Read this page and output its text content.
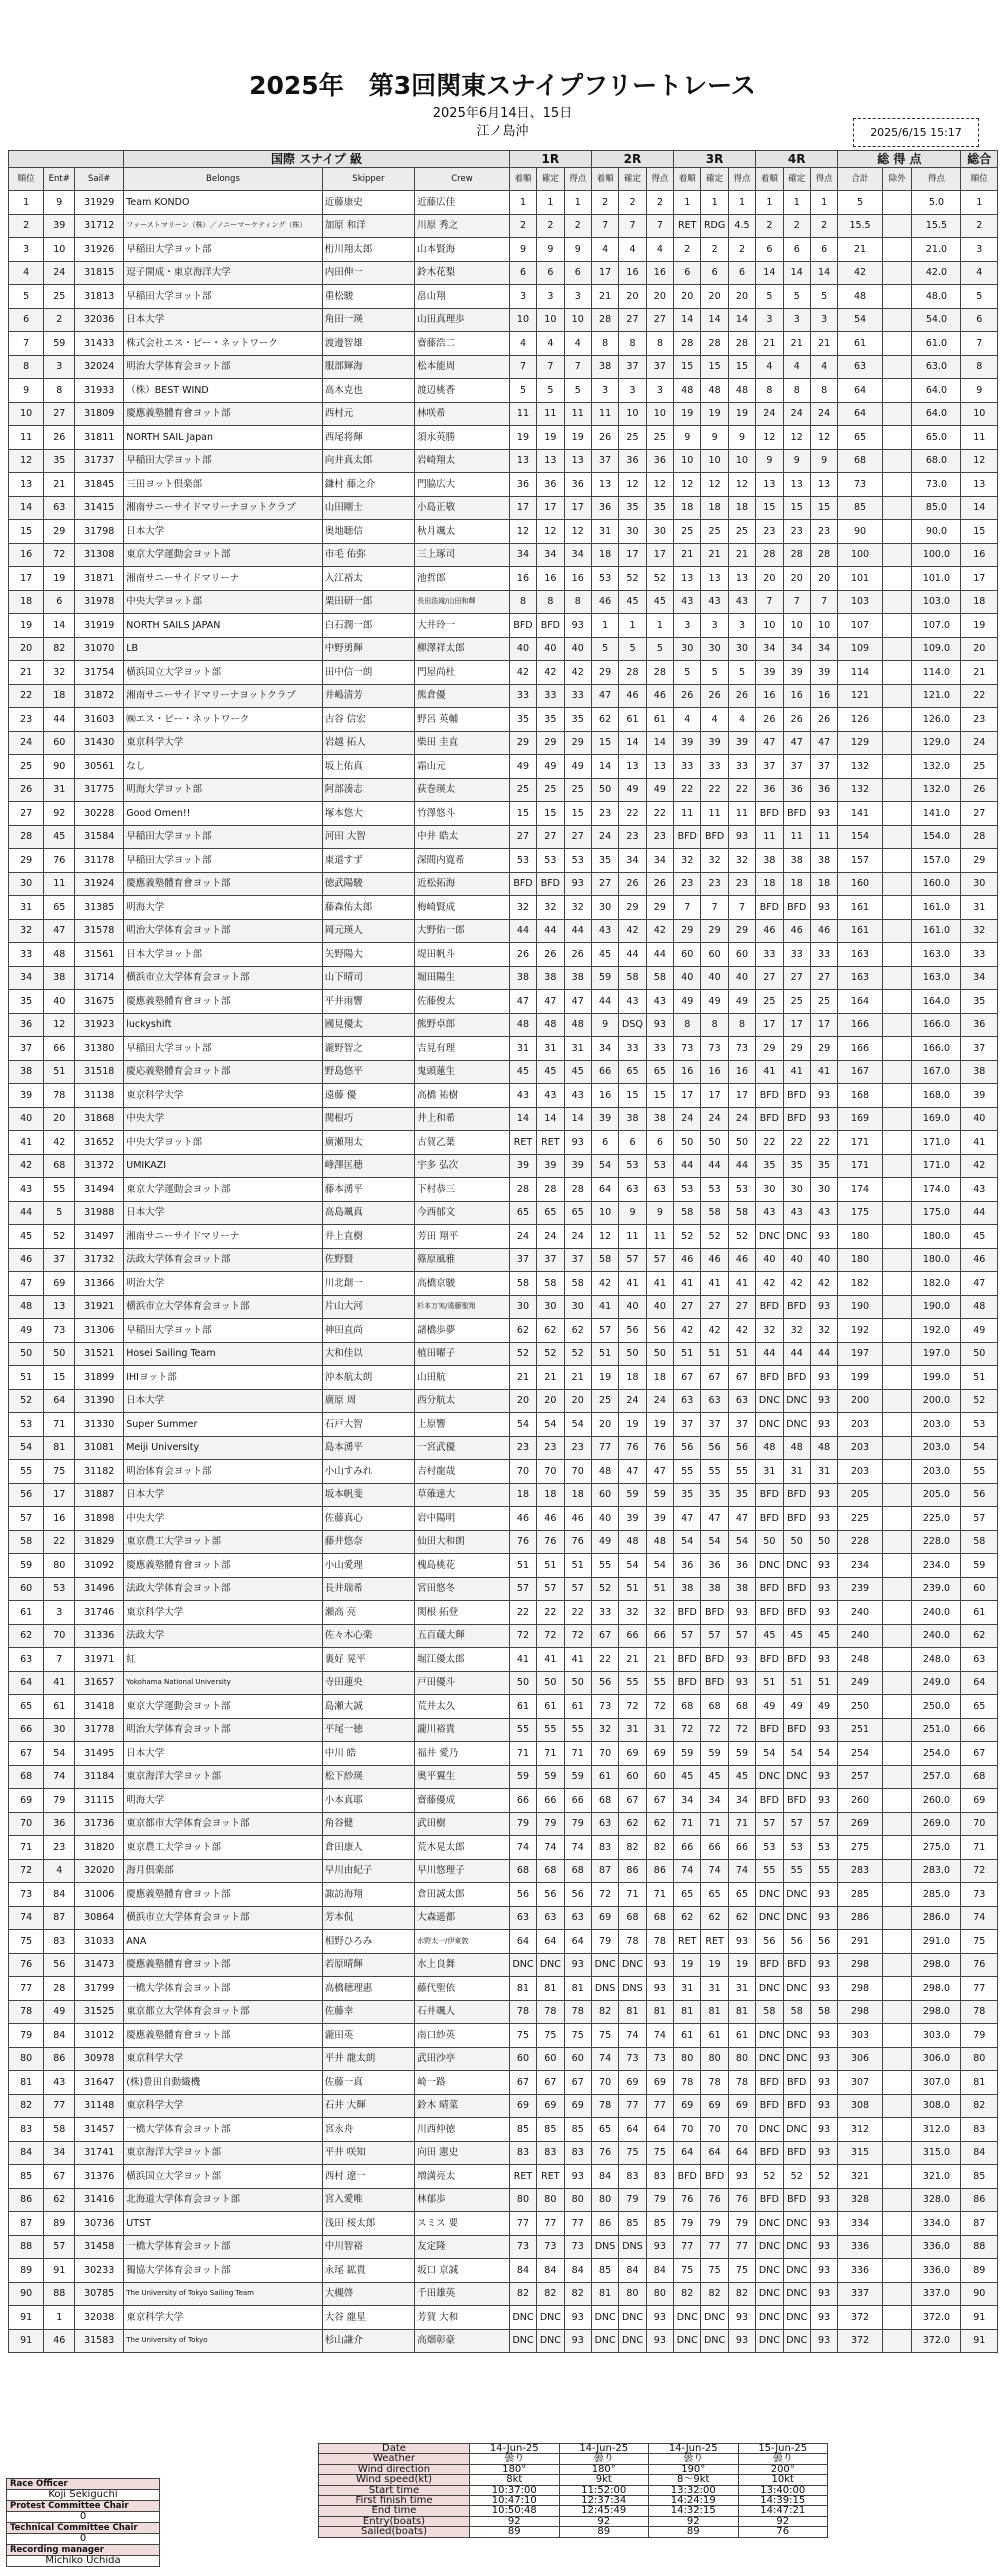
2025年　第3回関東スナイプフリートレース
2025年6月14日、15日
江ノ島沖	2025/6/15 15:17
			国際 スナイプ 級			1R			2R			3R			4R			総 得 点			総合
順位	Ent#	Sail#	Belongs	Skipper	Crew	着順	確定	得点	着順	確定	得点	着順	確定	得点	着順	確定	得点	合計	除外	得点	順位
1	9	31929	Team KONDO	近藤康史	近藤広佳	1	1	1	2	2	2	1	1	1	1	1	1	5		5.0	1
2	39	31712	ファーストマリーン（株）／ノニーマーケティング（株）	加原 和洋	川原 秀之	2	2	2	7	7	7	RET	RDG	4.5	2	2	2	15.5		15.5	2
3	10	31926	早稲田大学ヨット部	桁川翔太郎	山本賢海	9	9	9	4	4	4	2	2	2	6	6	6	21		21.0	3
4	24	31815	逗子開成・東京海洋大学	内田伸一	鈴木花梨	6	6	6	17	16	16	6	6	6	14	14	14	42		42.0	4
5	25	31813	早稲田大学ヨット部	重松駿	畠山翔	3	3	3	21	20	20	20	20	20	5	5	5	48		48.0	5
6	2	32036	日本大学	角田一瑛	山田真理歩	10	10	10	28	27	27	14	14	14	3	3	3	54		54.0	6
7	59	31433	株式会社エス・ピー・ネットワーク	渡邊智雄	齋藤浩二	4	4	4	8	8	8	28	28	28	21	21	21	61		61.0	7
8	3	32024	明治大学体育会ヨット部	服部輝海	松本能周	7	7	7	38	37	37	15	15	15	4	4	4	63		63.0	8
9	8	31933	（株）BEST WIND	高木克也	渡辺桃香	5	5	5	3	3	3	48	48	48	8	8	8	64		64.0	9
10	27	31809	慶應義塾體育會ヨット部	西村元	林咲希	11	11	11	11	10	10	19	19	19	24	24	24	64		64.0	10
11	26	31811	NORTH SAIL Japan	西尾将輝	須永英勝	19	19	19	26	25	25	9	9	9	12	12	12	65		65.0	11
12	35	31737	早稲田大学ヨット部	向井真太郎	岩崎翔太	13	13	13	37	36	36	10	10	10	9	9	9	68		68.0	12
13	21	31845	三田ヨット倶楽部	鎌村 藤之介	門脇広大	36	36	36	13	12	12	12	12	12	13	13	13	73		73.0	13
14	63	31415	湘南サニーサイドマリーナヨットクラブ	山田剛士	小島正敬	17	17	17	36	35	35	18	18	18	15	15	15	85		85.0	14
15	29	31798	日本大学	奥地聴信	秋月颯太	12	12	12	31	30	30	25	25	25	23	23	23	90		90.0	15
16	72	31308	東京大学運動会ヨット部	市毛 佑弥	三上琢司	34	34	34	18	17	17	21	21	21	28	28	28	100		100.0	16
17	19	31871	湘南サニーサイドマリーナ	入江裕太	池哲郎	16	16	16	53	52	52	13	13	13	20	20	20	101		101.0	17
18	6	31978	中央大学ヨット部	栗田研一郎	長田浩滝/山田和輝	8	8	8	46	45	45	43	43	43	7	7	7	103		103.0	18
19	14	31919	NORTH SAILS JAPAN	白石潤一郎	大井玲一	BFD	BFD	93	1	1	1	3	3	3	10	10	10	107		107.0	19
20	82	31070	LB	中野勇輝	柳澤祥太郎	40	40	40	5	5	5	30	30	30	34	34	34	109		109.0	20
21	32	31754	横浜国立大学ヨット部	田中信一朗	門屋尚杜	42	42	42	29	28	28	5	5	5	39	39	39	114		114.0	21
22	18	31872	湘南サニーサイドマリーナヨットクラブ	井嶋清芳	熊倉優	33	33	33	47	46	46	26	26	26	16	16	16	121		121.0	22
23	44	31603	㈱エス・ピー・ネットワーク	古谷 信宏	野呂 英輔	35	35	35	62	61	61	4	4	4	26	26	26	126		126.0	23
24	60	31430	東京科学大学	岩越 拓人	柴田 圭直	29	29	29	15	14	14	39	39	39	47	47	47	129		129.0	24
25	90	30561	なし	坂上佑真	霜山元	49	49	49	14	13	13	33	33	33	37	37	37	132		132.0	25
26	31	31775	明海大学ヨット部	阿部湊志	荻巻瑛太	25	25	25	50	49	49	22	22	22	36	36	36	132		132.0	26
27	92	30228	Good Omen!!	塚本悠大	竹澤悠斗	15	15	15	23	22	22	11	11	11	BFD	BFD	93	141		141.0	27
28	45	31584	早稲田大学ヨット部	河田 大智	中井 皓太	27	27	27	24	23	23	BFD	BFD	93	11	11	11	154		154.0	28
29	76	31178	早稲田大学ヨット部	東道すず	深間内寛希	53	53	53	35	34	34	32	32	32	38	38	38	157		157.0	29
30	11	31924	慶應義塾體育會ヨット部	徳武陽駿	近松拓海	BFD	BFD	93	27	26	26	23	23	23	18	18	18	160		160.0	30
31	65	31385	明海大学	藤森佑太郎	梅崎賢成	32	32	32	30	29	29	7	7	7	BFD	BFD	93	161		161.0	31
32	47	31578	明治大学体育会ヨット部	岡元瑛人	大野佑一郎	44	44	44	43	42	42	29	29	29	46	46	46	161		161.0	32
33	48	31561	日本大学ヨット部	矢野陽大	堤田帆斗	26	26	26	45	44	44	60	60	60	33	33	33	163		163.0	33
34	38	31714	横浜市立大学体育会ヨット部	山下晴司	堀田陽生	38	38	38	59	58	58	40	40	40	27	27	27	163		163.0	34
35	40	31675	慶應義塾體育會ヨット部	平井雨響	佐藤俊太	47	47	47	44	43	43	49	49	49	25	25	25	164		164.0	35
36	12	31923	luckyshift	國見優太	熊野卓郎	48	48	48	9	DSQ	93	8	8	8	17	17	17	166		166.0	36
37	66	31380	早稲田大学ヨット部	瀧野智之	吉見有理	31	31	31	34	33	33	73	73	73	29	29	29	166		166.0	37
38	51	31518	慶応義塾體育会ヨット部	野島悠平	鬼頭蓮生	45	45	45	66	65	65	16	16	16	41	41	41	167		167.0	38
39	78	31138	東京科学大学	遠藤 優	高橋 祐樹	43	43	43	16	15	15	17	17	17	BFD	BFD	93	168		168.0	39
40	20	31868	中央大学	関根巧	井上和希	14	14	14	39	38	38	24	24	24	BFD	BFD	93	169		169.0	40
41	42	31652	中央大学ヨット部	廣瀬翔太	古賀乙葉	RET	RET	93	6	6	6	50	50	50	22	22	22	171		171.0	41
42	68	31372	UMIKAZI	峰澤匡穂	宇多 弘次	39	39	39	54	53	53	44	44	44	35	35	35	171		171.0	42
43	55	31494	東京大学運動会ヨット部	藤本湧平	下村恭三	28	28	28	64	63	63	53	53	53	30	30	30	174		174.0	43
44	5	31988	日本大学	高島颯真	今西郁文	65	65	65	10	9	9	58	58	58	43	43	43	175		175.0	44
45	52	31497	湘南サニーサイドマリーナ	井上直樹	芳田 翔平	24	24	24	12	11	11	52	52	52	DNC	DNC	93	180		180.0	45
46	37	31732	法政大学体育会ヨット部	佐野賢	篠原風雅	37	37	37	58	57	57	46	46	46	40	40	40	180		180.0	46
47	69	31366	明治大学	川北創一	高橋京駿	58	58	58	42	41	41	41	41	41	42	42	42	182		182.0	47
48	13	31921	横浜市立大学体育会ヨット部	片山大河	杉本万実/遠藤聖翔	30	30	30	41	40	40	27	27	27	BFD	BFD	93	190		190.0	48
49	73	31306	早稲田大学ヨット部	神田直尚	諸橋歩夢	62	62	62	57	56	56	42	42	42	32	32	32	192		192.0	49
50	50	31521	Hosei Sailing Team	大和佳以	植田曜子	52	52	52	51	50	50	51	51	51	44	44	44	197		197.0	50
51	15	31899	IHIヨット部	沖本航太朗	山田航	21	21	21	19	18	18	67	67	67	BFD	BFD	93	199		199.0	51
52	64	31390	日本大学	廣原 周	西分航太	20	20	20	25	24	24	63	63	63	DNC	DNC	93	200		200.0	52
53	71	31330	Super Summer	石戸大智	上原響	54	54	54	20	19	19	37	37	37	DNC	DNC	93	203		203.0	53
54	81	31081	Meiji University	島本湧平	一宮武優	23	23	23	77	76	76	56	56	56	48	48	48	203		203.0	54
55	75	31182	明治体育会ヨット部	小山すみれ	吉村龍哉	70	70	70	48	47	47	55	55	55	31	31	31	203		203.0	55
56	17	31887	日本大学	坂本帆斐	草薙達大	18	18	18	60	59	59	35	35	35	BFD	BFD	93	205		205.0	56
57	16	31898	中央大学	佐藤真心	岩中陽明	46	46	46	40	39	39	47	47	47	BFD	BFD	93	225		225.0	57
58	22	31829	東京農工大学ヨット部	藤井悠奈	仙田大和朗	76	76	76	49	48	48	54	54	54	50	50	50	228		228.0	58
59	80	31092	慶應義塾體育會ヨット部	小山愛理	槐島桃花	51	51	51	55	54	54	36	36	36	DNC	DNC	93	234		234.0	59
60	53	31496	法政大学体育会ヨット部	長井瑞希	宮田悠冬	57	57	57	52	51	51	38	38	38	BFD	BFD	93	239		239.0	60
61	3	31746	東京科学大学	瀬高 亮	関根 拓登	22	22	22	33	32	32	BFD	BFD	93	BFD	BFD	93	240		240.0	61
62	70	31336	法政大学	佐々木心楽	五百蔵大輝	72	72	72	67	66	66	57	57	57	45	45	45	240		240.0	62
63	7	31971	紅	裏好 晃平	堀江優太郎	41	41	41	22	21	21	BFD	BFD	93	BFD	BFD	93	248		248.0	63
64	41	31657	Yokohama National University	寺田蓮央	戸田優斗	50	50	50	56	55	55	BFD	BFD	93	51	51	51	249		249.0	64
65	61	31418	東京大学運動会ヨット部	島瀬大誠	荒井太久	61	61	61	73	72	72	68	68	68	49	49	49	250		250.0	65
66	30	31778	明治大学体育会ヨット部	平尾一徳	瀧川裕貴	55	55	55	32	31	31	72	72	72	BFD	BFD	93	251		251.0	66
67	54	31495	日本大学	中川 皓	福井 愛乃	71	71	71	70	69	69	59	59	59	54	54	54	254		254.0	67
68	74	31184	東京海洋大学ヨット部	松下紗瑛	奥平翼生	59	59	59	61	60	60	45	45	45	DNC	DNC	93	257		257.0	68
69	79	31115	明海大学	小本真耶	齋藤優成	66	66	66	68	67	67	34	34	34	BFD	BFD	93	260		260.0	69
70	36	31736	東京都市大学体育会ヨット部	角谷健	武田樹	79	79	79	63	62	62	71	71	71	57	57	57	269		269.0	70
71	23	31820	東京農工大学ヨット部	倉田康人	荒木晃太郎	74	74	74	83	82	82	66	66	66	53	53	53	275		275.0	71
72	4	32020	海月倶楽部	早川由紀子	早川悠理子	68	68	68	87	86	86	74	74	74	55	55	55	283		283.0	72
73	84	31006	慶應義塾體育會ヨット部	諏訪海翔	倉田誠太郎	56	56	56	72	71	71	65	65	65	DNC	DNC	93	285		285.0	73
74	87	30864	横浜市立大学体育会ヨット部	芳本侃	大森遥都	63	63	63	69	68	68	62	62	62	DNC	DNC	93	286		286.0	74
75	83	31033	ANA	相野ひろみ	水野太一/伊東敦	64	64	64	79	78	78	RET	RET	93	56	56	56	291		291.0	75
76	56	31473	慶應義塾體育會ヨット部	若原晴輝	水上良舞	DNC	DNC	93	DNC	DNC	93	19	19	19	BFD	BFD	93	298		298.0	76
77	28	31799	一橋大学体育会ヨット部	高橋穂理惠	藤代聖依	81	81	81	DNS	DNS	93	31	31	31	DNC	DNC	93	298		298.0	77
78	49	31525	東京都立大学体育会ヨット部	佐藤幸	石井颯人	78	78	78	82	81	81	81	81	81	58	58	58	298		298.0	78
79	84	31012	慶應義塾體育會ヨット部	瀧田英	南口紗英	75	75	75	75	74	74	61	61	61	DNC	DNC	93	303		303.0	79
80	86	30978	東京科学大学	平井 龍太朗	武田沙亭	60	60	60	74	73	73	80	80	80	DNC	DNC	93	306		306.0	80
81	43	31647	(株)豊田自動織機	佐藤一真	崎一路	67	67	67	70	69	69	78	78	78	BFD	BFD	93	307		307.0	81
82	77	31148	東京科学大学	石井 大輝	鈴木 晴菜	69	69	69	78	77	77	69	69	69	BFD	BFD	93	308		308.0	82
83	58	31457	一橋大学体育会ヨット部	宮永舟	川西仲徳	85	85	85	65	64	64	70	70	70	DNC	DNC	93	312		312.0	83
84	34	31741	東京海洋大学ヨット部	平井 咲知	向田 憲史	83	83	83	76	75	75	64	64	64	BFD	BFD	93	315		315.0	84
85	67	31376	横浜国立大学ヨット部	西村 遼一	増満亮太	RET	RET	93	84	83	83	BFD	BFD	93	52	52	52	321		321.0	85
86	62	31416	北海道大学体育会ヨット部	宮入愛唯	林郁歩	80	80	80	80	79	79	76	76	76	BFD	BFD	93	328		328.0	86
87	89	30736	UTST	浅田 桜太郎	スミス 要	77	77	77	86	85	85	79	79	79	DNC	DNC	93	334		334.0	87
88	57	31458	一橋大学体育会ヨット部	中川智裕	友定隆	73	73	73	DNS	DNS	93	77	77	77	DNC	DNC	93	336		336.0	88
89	91	30233	獨協大学体育会ヨット部	永尾 鉱貴	坂口 京誠	84	84	84	85	84	84	75	75	75	DNC	DNC	93	336		336.0	89
90	88	30785	The University of Tokyo Sailing Team	大槻啓	千田雄英	82	82	82	81	80	80	82	82	82	DNC	DNC	93	337		337.0	90
91	1	32038	東京科学大学	大谷 龍星	芳賀 大和	DNC	DNC	93	DNC	DNC	93	DNC	DNC	93	DNC	DNC	93	372		372.0	91
91	46	31583	The University of Tokyo	杉山謙介	高畑彰豪	DNC	DNC	93	DNC	DNC	93	DNC	DNC	93	DNC	DNC	93	372		372.0	91
Race Officer
Koji Sekiguchi
Protest Committee Chair
0
Technical Committee Chair
0
Recording manager
Michiko Uchida
Date	14-Jun-25	14-Jun-25	14-Jun-25	15-Jun-25
Weather	曇り	曇り	曇り	曇り
Wind direction	180°	180°	190°	200°
Wind speed(kt)	8kt	9kt	8～9kt	10kt
Start time	10:37:00	11:52:00	13:32:00	13:40:00
First finish time	10:47:10	12:37:34	14:24:19	14:39:15
End time	10:50:48	12:45:49	14:32:15	14:47:21
Entry(boats)	92	92	92	92
Sailed(boats)	89	89	89	76
